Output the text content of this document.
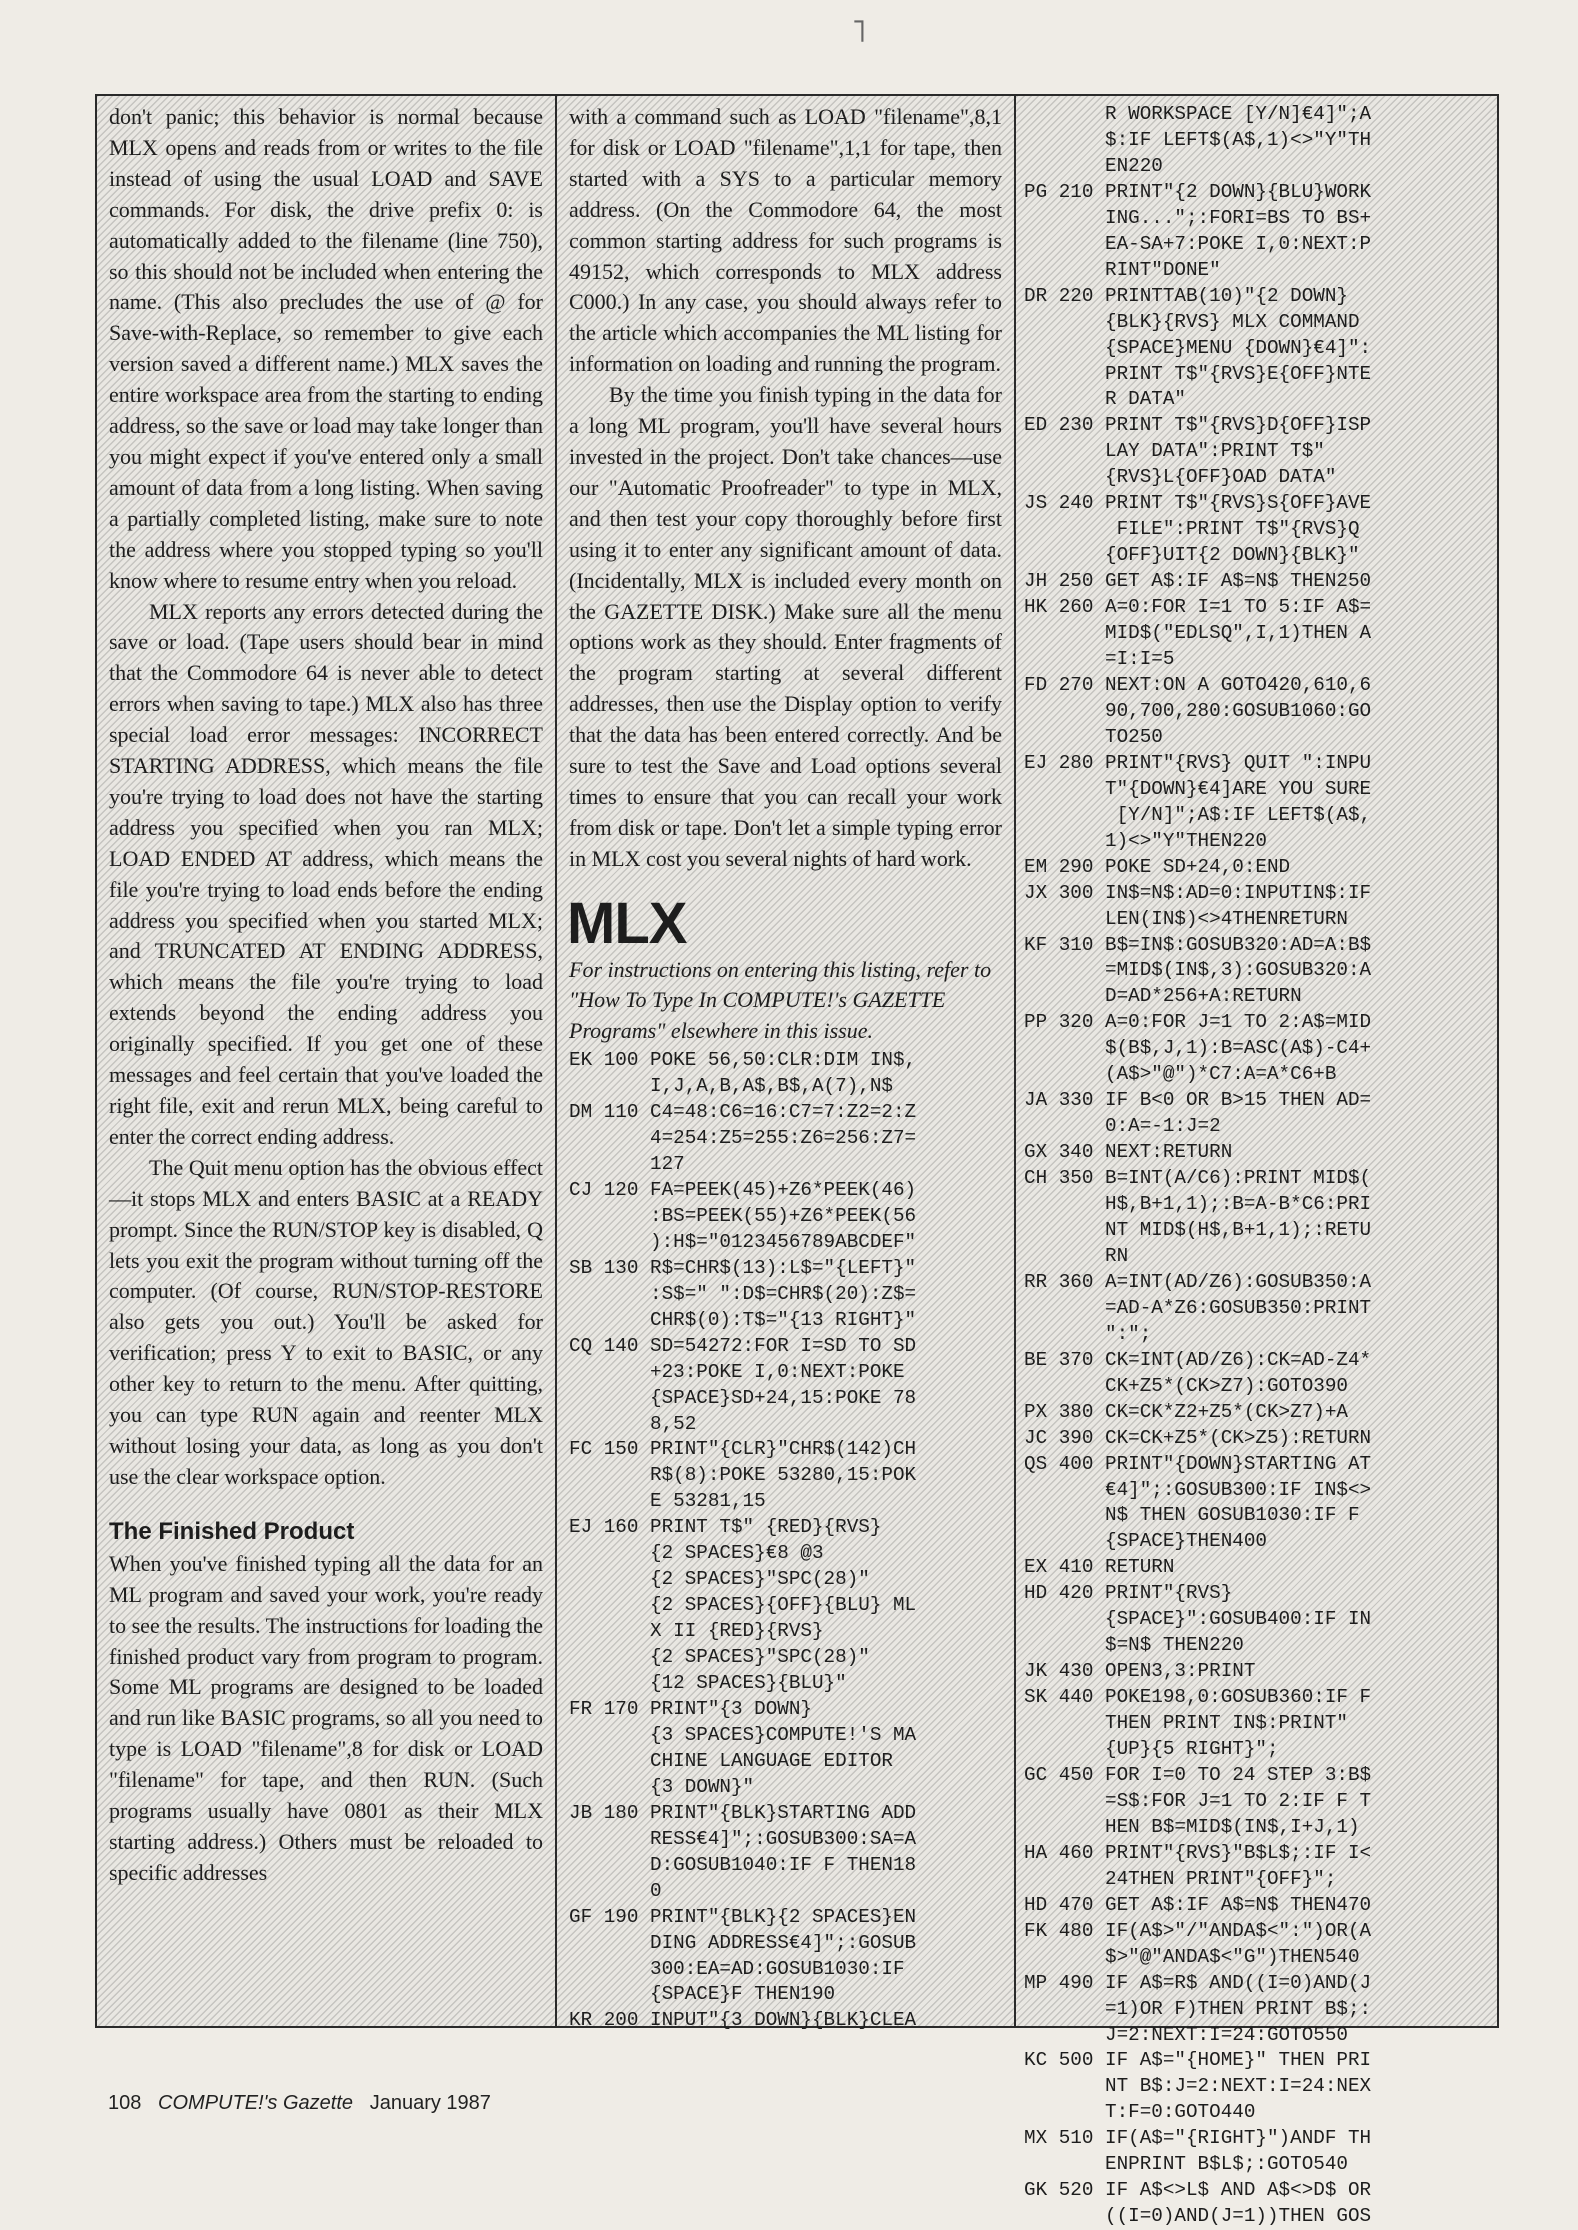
˥

don't panic; this behavior is normal because MLX opens and reads from or writes to the file instead of using the usual LOAD and SAVE commands. For disk, the drive prefix 0: is automatically added to the filename (line 750), so this should not be included when entering the name. (This also precludes the use of @ for Save-with-Replace, so remember to give each version saved a different name.) MLX saves the entire workspace area from the starting to ending address, so the save or load may take longer than you might expect if you've entered only a small amount of data from a long listing. When saving a partially completed listing, make sure to note the address where you stopped typing so you'll know where to resume entry when you reload.

MLX reports any errors detected during the save or load. (Tape users should bear in mind that the Commodore 64 is never able to detect errors when saving to tape.) MLX also has three special load error messages: INCORRECT STARTING ADDRESS, which means the file you're trying to load does not have the starting address you specified when you ran MLX; LOAD ENDED AT address, which means the file you're trying to load ends before the ending address you specified when you started MLX; and TRUNCATED AT ENDING ADDRESS, which means the file you're trying to load extends beyond the ending address you originally specified. If you get one of these messages and feel certain that you've loaded the right file, exit and rerun MLX, being careful to enter the correct ending address.

The Quit menu option has the obvious effect—it stops MLX and enters BASIC at a READY prompt. Since the RUN/STOP key is disabled, Q lets you exit the program without turning off the computer. (Of course, RUN/STOP-RESTORE also gets you out.) You'll be asked for verification; press Y to exit to BASIC, or any other key to return to the menu. After quitting, you can type RUN again and reenter MLX without losing your data, as long as you don't use the clear workspace option.

The Finished Product

When you've finished typing all the data for an ML program and saved your work, you're ready to see the results. The instructions for loading the finished product vary from program to program. Some ML programs are designed to be loaded and run like BASIC programs, so all you need to type is LOAD "filename",8 for disk or LOAD "filename" for tape, and then RUN. (Such programs usually have 0801 as their MLX starting address.) Others must be reloaded to specific addresses

with a command such as LOAD "filename",8,1 for disk or LOAD "filename",1,1 for tape, then started with a SYS to a particular memory address. (On the Commodore 64, the most common starting address for such programs is 49152, which corresponds to MLX address C000.) In any case, you should always refer to the article which accompanies the ML listing for information on loading and running the program.

By the time you finish typing in the data for a long ML program, you'll have several hours invested in the project. Don't take chances—use our "Automatic Proofreader" to type in MLX, and then test your copy thoroughly before first using it to enter any significant amount of data. (Incidentally, MLX is included every month on the GAZETTE DISK.) Make sure all the menu options work as they should. Enter fragments of the program starting at several different addresses, then use the Display option to verify that the data has been entered correctly. And be sure to test the Save and Load options several times to ensure that you can recall your work from disk or tape. Don't let a simple typing error in MLX cost you several nights of hard work.

MLX
For instructions on entering this listing, refer to "How To Type In COMPUTE!'s GAZETTE Programs" elsewhere in this issue.
EK 100 POKE 56,50:CLR:DIM IN$,
I,J,A,B,A$,B$,A(7),N$
DM 110 C4=48:C6=16:C7=7:Z2=2:Z
4=254:Z5=255:Z6=256:Z7=
127
CJ 120 FA=PEEK(45)+Z6*PEEK(46)
:BS=PEEK(55)+Z6*PEEK(56
):H$="0123456789ABCDEF"
SB 130 R$=CHR$(13):L$="{LEFT}"
:S$=" ":D$=CHR$(20):Z$=
CHR$(0):T$="{13 RIGHT}"
CQ 140 SD=54272:FOR I=SD TO SD
+23:POKE I,0:NEXT:POKE
{SPACE}SD+24,15:POKE 78
8,52
FC 150 PRINT"{CLR}"CHR$(142)CH
R$(8):POKE 53280,15:POK
E 53281,15
EJ 160 PRINT T$" {RED}{RVS}
{2 SPACES}€8 @3
{2 SPACES}"SPC(28)"
{2 SPACES}{OFF}{BLU} ML
X II {RED}{RVS}
{2 SPACES}"SPC(28)"
{12 SPACES}{BLU}"
FR 170 PRINT"{3 DOWN}
{3 SPACES}COMPUTE!'S MA
CHINE LANGUAGE EDITOR
{3 DOWN}"
JB 180 PRINT"{BLK}STARTING ADD
RESS€4]";:GOSUB300:SA=A
D:GOSUB1040:IF F THEN18
0
GF 190 PRINT"{BLK}{2 SPACES}EN
DING ADDRESS€4]";:GOSUB
300:EA=AD:GOSUB1030:IF
{SPACE}F THEN190
KR 200 INPUT"{3 DOWN}{BLK}CLEA
R WORKSPACE [Y/N]€4]";A
$:IF LEFT$(A$,1)<>"Y"TH
EN220
PG 210 PRINT"{2 DOWN}{BLU}WORK
ING...";:FORI=BS TO BS+
EA-SA+7:POKE I,0:NEXT:P
RINT"DONE"
DR 220 PRINTTAB(10)"{2 DOWN}
{BLK}{RVS} MLX COMMAND
{SPACE}MENU {DOWN}€4]":
PRINT T$"{RVS}E{OFF}NTE
R DATA"
ED 230 PRINT T$"{RVS}D{OFF}ISP
LAY DATA":PRINT T$"
{RVS}L{OFF}OAD DATA"
JS 240 PRINT T$"{RVS}S{OFF}AVE
FILE":PRINT T$"{RVS}Q
{OFF}UIT{2 DOWN}{BLK}"
JH 250 GET A$:IF A$=N$ THEN250
HK 260 A=0:FOR I=1 TO 5:IF A$=
MID$("EDLSQ",I,1)THEN A
=I:I=5
FD 270 NEXT:ON A GOTO420,610,6
90,700,280:GOSUB1060:GO
TO250
EJ 280 PRINT"{RVS} QUIT ":INPU
T"{DOWN}€4]ARE YOU SURE
[Y/N]";A$:IF LEFT$(A$,
1)<>"Y"THEN220
EM 290 POKE SD+24,0:END
JX 300 IN$=N$:AD=0:INPUTIN$:IF
LEN(IN$)<>4THENRETURN
KF 310 B$=IN$:GOSUB320:AD=A:B$
=MID$(IN$,3):GOSUB320:A
D=AD*256+A:RETURN
PP 320 A=0:FOR J=1 TO 2:A$=MID
$(B$,J,1):B=ASC(A$)-C4+
(A$>"@")*C7:A=A*C6+B
JA 330 IF B<0 OR B>15 THEN AD=
0:A=-1:J=2
GX 340 NEXT:RETURN
CH 350 B=INT(A/C6):PRINT MID$(
H$,B+1,1);:B=A-B*C6:PRI
NT MID$(H$,B+1,1);:RETU
RN
RR 360 A=INT(AD/Z6):GOSUB350:A
=AD-A*Z6:GOSUB350:PRINT
":";
BE 370 CK=INT(AD/Z6):CK=AD-Z4*
CK+Z5*(CK>Z7):GOTO390
PX 380 CK=CK*Z2+Z5*(CK>Z7)+A
JC 390 CK=CK+Z5*(CK>Z5):RETURN
QS 400 PRINT"{DOWN}STARTING AT
€4]";:GOSUB300:IF IN$<>
N$ THEN GOSUB1030:IF F
{SPACE}THEN400
EX 410 RETURN
HD 420 PRINT"{RVS}
{SPACE}":GOSUB400:IF IN
$=N$ THEN220
JK 430 OPEN3,3:PRINT
SK 440 POKE198,0:GOSUB360:IF F
THEN PRINT IN$:PRINT"
{UP}{5 RIGHT}";
GC 450 FOR I=0 TO 24 STEP 3:B$
=S$:FOR J=1 TO 2:IF F T
HEN B$=MID$(IN$,I+J,1)
HA 460 PRINT"{RVS}"B$L$;:IF I<
24THEN PRINT"{OFF}";
HD 470 GET A$:IF A$=N$ THEN470
FK 480 IF(A$>"/"ANDA$<":")OR(A
$>"@"ANDA$<"G")THEN540
MP 490 IF A$=R$ AND((I=0)AND(J
=1)OR F)THEN PRINT B$;:
J=2:NEXT:I=24:GOTO550
KC 500 IF A$="{HOME}" THEN PRI
NT B$:J=2:NEXT:I=24:NEX
T:F=0:GOTO440
MX 510 IF(A$="{RIGHT}")ANDF TH
ENPRINT B$L$;:GOTO540
GK 520 IF A$<>L$ AND A$<>D$ OR
((I=0)AND(J=1))THEN GOS
108 COMPUTE!'s Gazette January 1987
